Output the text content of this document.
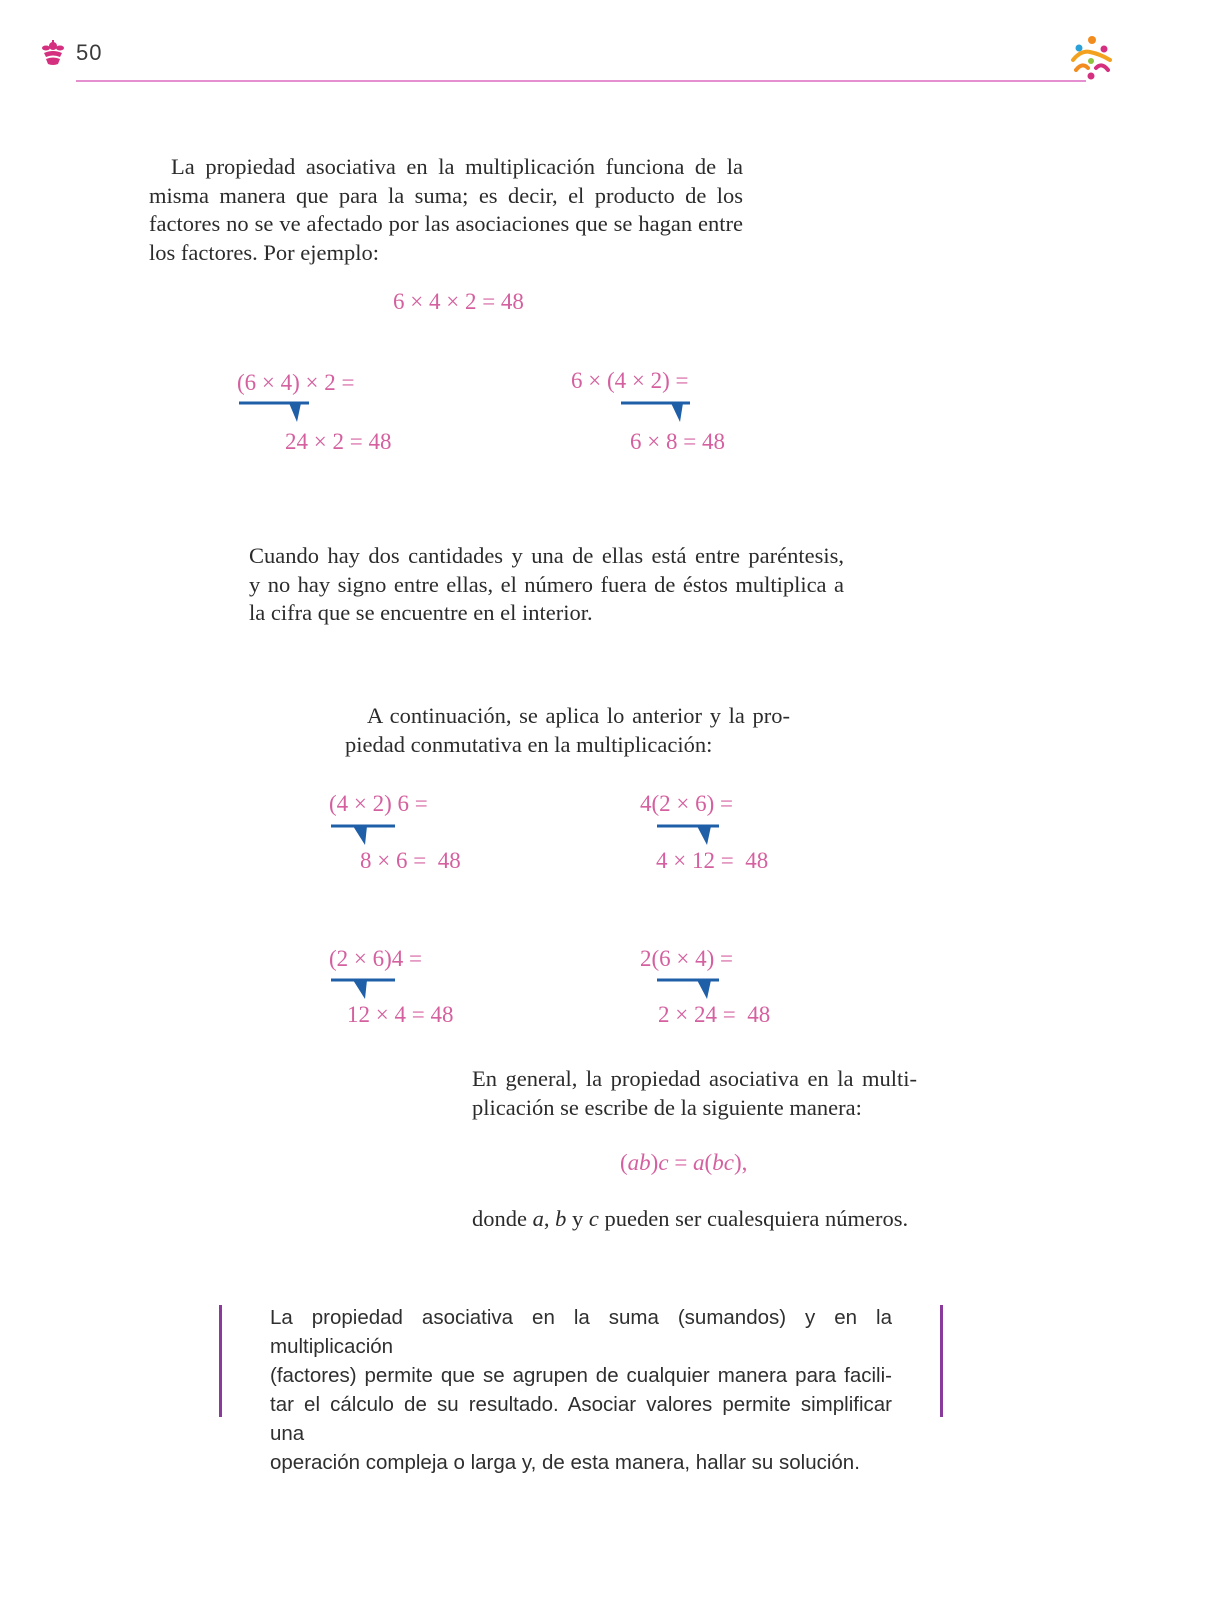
50
La propiedad asociativa en la multiplicación funciona de la
misma manera que para la suma; es decir, el producto de los
factores no se ve afectado por las asociaciones que se hagan entre
los factores. Por ejemplo:
6 × 4 × 2 = 48
(6 × 4) × 2 =
24 × 2 = 48
6 × (4 × 2) =
6 × 8 = 48
Cuando hay dos cantidades y una de ellas está entre paréntesis,
y no hay signo entre ellas, el número fuera de éstos multiplica a
la cifra que se encuentre en el interior.
A continuación, se aplica lo anterior y la pro-
piedad conmutativa en la multiplicación:
(4 × 2) 6 =
8 × 6 =  48
4(2 × 6) =
4 × 12 =  48
(2 × 6)4 =
12 × 4 = 48
2(6 × 4) =
2 × 24 =  48
En general, la propiedad asociativa en la multi-
plicación se escribe de la siguiente manera:
(ab)c = a(bc),
donde a, b y c pueden ser cualesquiera números.
La propiedad asociativa en la suma (sumandos) y en la multiplicación
(factores) permite que se agrupen de cualquier manera para facili-
tar el cálculo de su resultado. Asociar valores permite simplificar una
operación compleja o larga y, de esta manera, hallar su solución.
